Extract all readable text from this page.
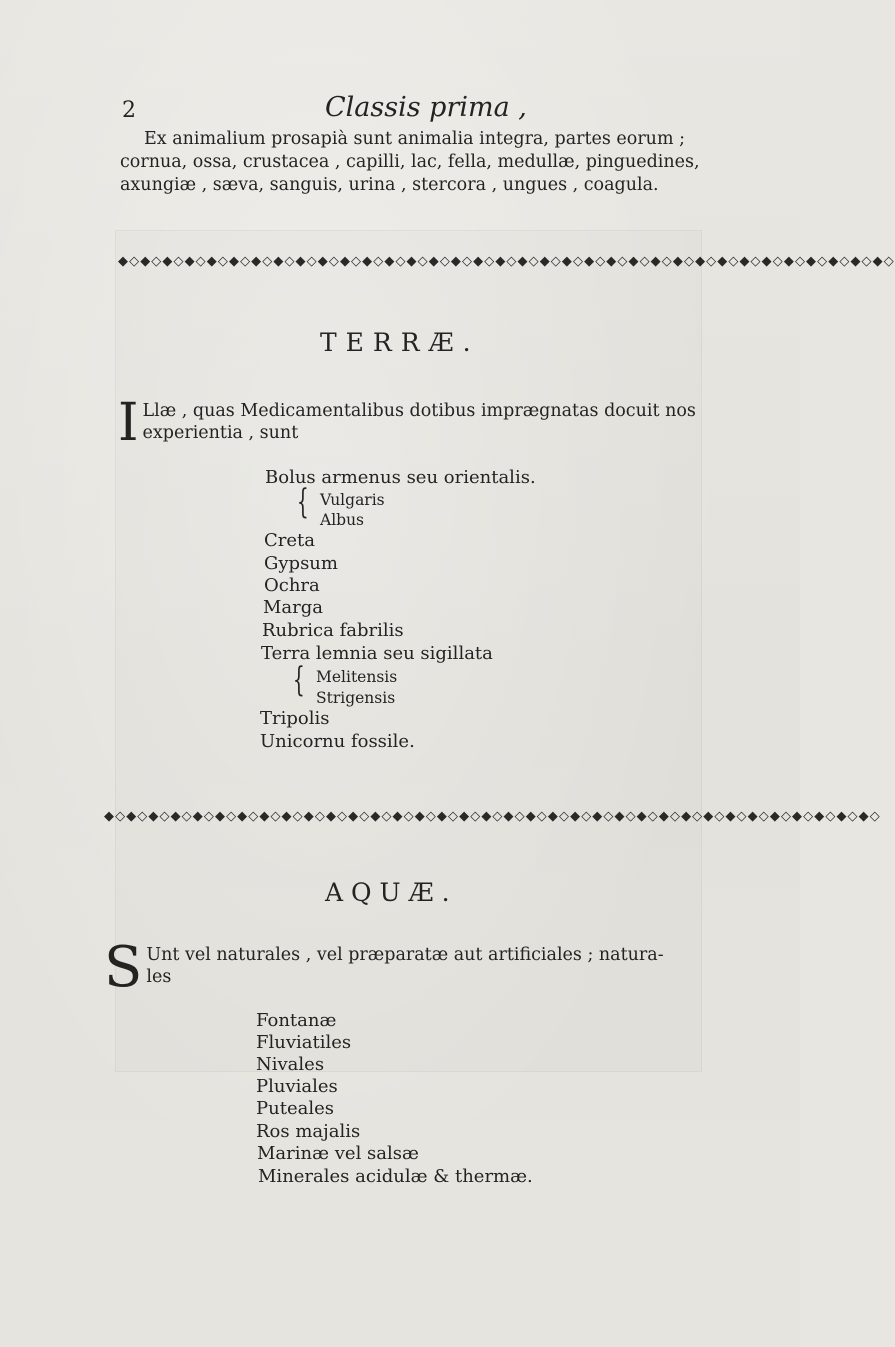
2	Classis prima ,
Ex animalium prosapià sunt animalia integra, partes eorum ;
cornua, ossa, crustacea , capilli, lac, fella, medullæ, pinguedines,
axungiæ , sæva, sanguis, urina , stercora , ungues , coagula.
◆◇◆◇◆◇◆◇◆◇◆◇◆◇◆◇◆◇◆◇◆◇◆◇◆◇◆◇◆◇◆◇◆◇◆◇◆◇◆◇◆◇◆◇◆◇◆◇◆◇◆◇◆◇◆◇◆◇◆◇◆◇◆◇◆◇◆◇◆◇
TERRÆ.
I Llæ , quas Medicamentalibus dotibus imprægnatas docuit nos
experientia , sunt
Bolus armenus seu orientalis.
{ Vulgaris
Albus
Creta
Gypsum
Ochra
Marga
Rubrica fabrilis
Terra lemnia seu sigillata
{ Melitensis
Strigensis
Tripolis
Unicornu fossile.
◆◇◆◇◆◇◆◇◆◇◆◇◆◇◆◇◆◇◆◇◆◇◆◇◆◇◆◇◆◇◆◇◆◇◆◇◆◇◆◇◆◇◆◇◆◇◆◇◆◇◆◇◆◇◆◇◆◇◆◇◆◇◆◇◆◇◆◇◆◇
AQUÆ.
S Unt vel naturales , vel præparatæ aut artificiales ; natura-
les
Fontanæ
Fluviatiles
Nivales
Pluviales
Puteales
Ros majalis
Marinæ vel salsæ
Minerales acidulæ & thermæ.
